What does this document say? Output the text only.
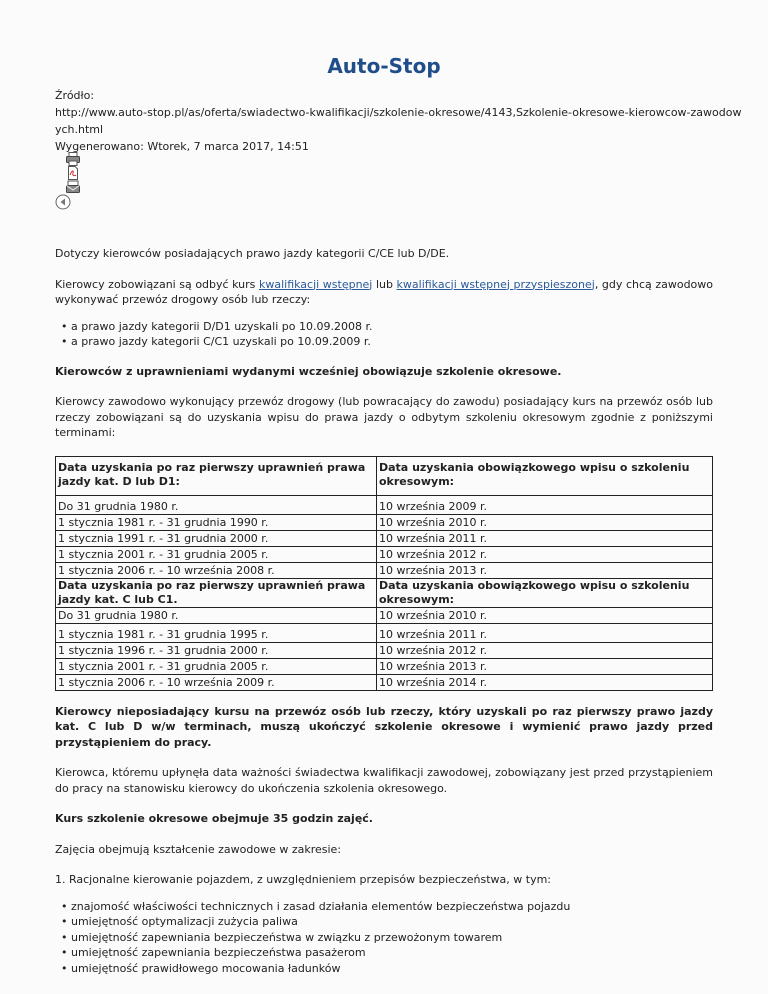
Auto-Stop
Źródło:
http://www.auto-stop.pl/as/oferta/swiadectwo-kwalifikacji/szkolenie-okresowe/4143,Szkolenie-okresowe-kierowcow-zawodow
ych.html
Wygenerowano: Wtorek, 7 marca 2017, 14:51

Dotyczy kierowców posiadających prawo jazdy kategorii C/CE lub D/DE.

Kierowcy zobowiązani są odbyć kurs kwalifikacji wstępnej lub kwalifikacji wstępnej przyspieszonej, gdy chcą zawodowo wykonywać przewóz drogowy osób lub rzeczy:

• a prawo jazdy kategorii D/D1 uzyskali po 10.09.2008 r.
• a prawo jazdy kategorii C/C1 uzyskali po 10.09.2009 r.

Kierowców z uprawnieniami wydanymi wcześniej obowiązuje szkolenie okresowe.

Kierowcy zawodowo wykonujący przewóz drogowy (lub powracający do zawodu) posiadający kurs na przewóz osób lub rzeczy zobowiązani są do uzyskania wpisu do prawa jazdy o odbytym szkoleniu okresowym zgodnie z poniższymi terminami:

Data uzyskania po raz pierwszy uprawnień prawa jazdy kat. D lub D1:	Data uzyskania obowiązkowego wpisu o szkoleniu okresowym:
Do 31 grudnia 1980 r.	10 września 2009 r.
1 stycznia 1981 r. - 31 grudnia 1990 r.	10 września 2010 r.
1 stycznia 1991 r. - 31 grudnia 2000 r.	10 września 2011 r.
1 stycznia 2001 r. - 31 grudnia 2005 r.	10 września 2012 r.
1 stycznia 2006 r. - 10 września 2008 r.	10 września 2013 r.
Data uzyskania po raz pierwszy uprawnień prawa jazdy kat. C lub C1.	Data uzyskania obowiązkowego wpisu o szkoleniu okresowym:
Do 31 grudnia 1980 r.	10 września 2010 r.
1 stycznia 1981 r. - 31 grudnia 1995 r.	10 września 2011 r.
1 stycznia 1996 r. - 31 grudnia 2000 r.	10 września 2012 r.
1 stycznia 2001 r. - 31 grudnia 2005 r.	10 września 2013 r.
1 stycznia 2006 r. - 10 września 2009 r.	10 września 2014 r.

Kierowcy nieposiadający kursu na przewóz osób lub rzeczy, który uzyskali po raz pierwszy prawo jazdy kat. C lub D w/w terminach, muszą ukończyć szkolenie okresowe i wymienić prawo jazdy przed przystąpieniem do pracy.

Kierowca, któremu upłynęła data ważności świadectwa kwalifikacji zawodowej, zobowiązany jest przed przystąpieniem do pracy na stanowisku kierowcy do ukończenia szkolenia okresowego.

Kurs szkolenie okresowe obejmuje 35 godzin zajęć.

Zajęcia obejmują kształcenie zawodowe w zakresie:

1. Racjonalne kierowanie pojazdem, z uwzględnieniem przepisów bezpieczeństwa, w tym:

• znajomość właściwości technicznych i zasad działania elementów bezpieczeństwa pojazdu
• umiejętność optymalizacji zużycia paliwa
• umiejętność zapewniania bezpieczeństwa w związku z przewożonym towarem
• umiejętność zapewniania bezpieczeństwa pasażerom
• umiejętność prawidłowego mocowania ładunków
